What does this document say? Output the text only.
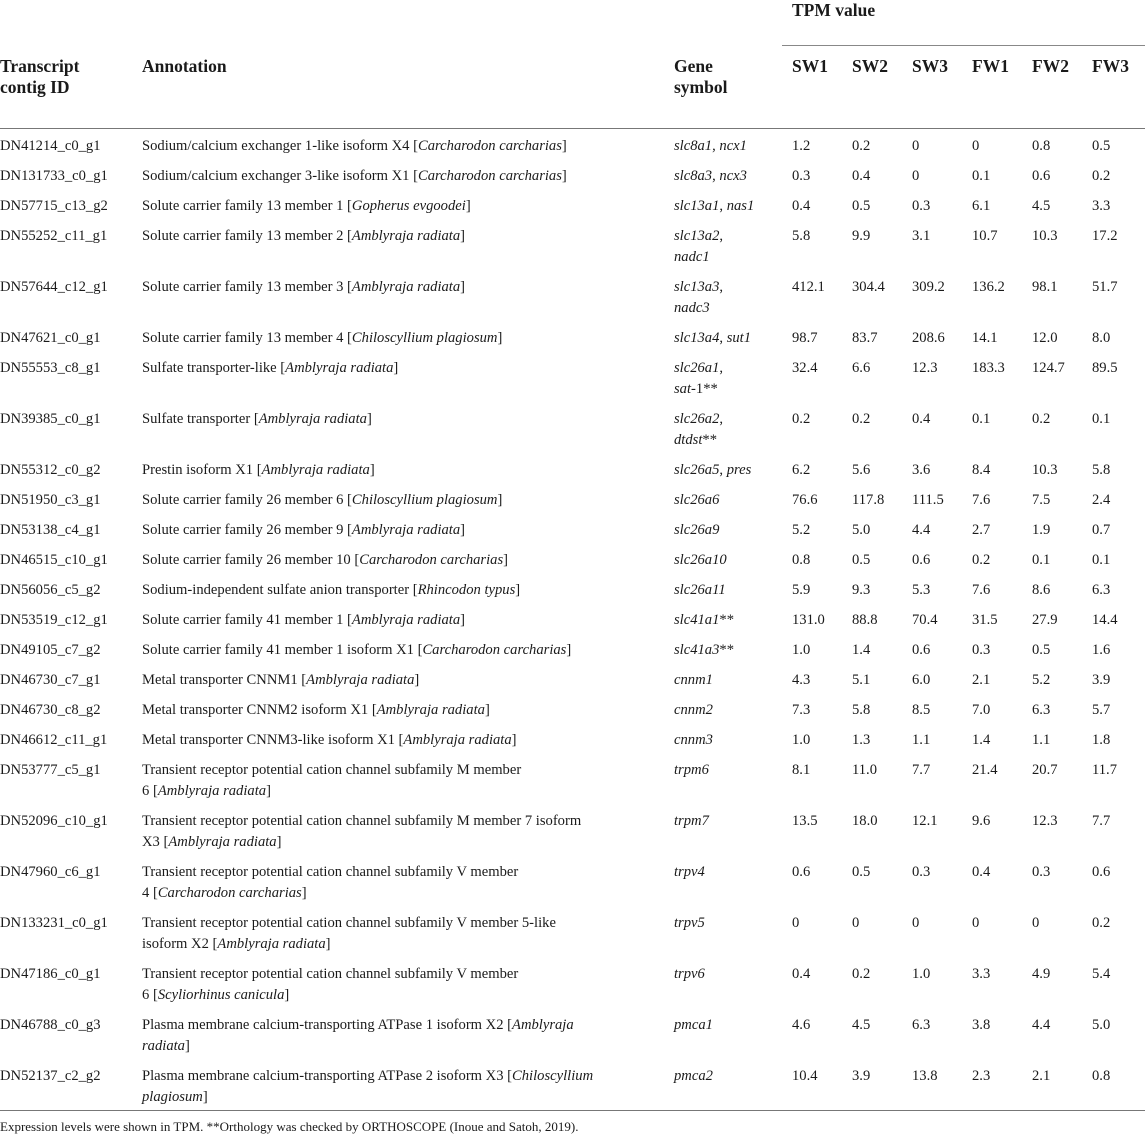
			TPM value					
Transcript
contig ID	Annotation	Gene
symbol	SW1	SW2	SW3	FW1	FW2	FW3
DN41214_c0_g1	Sodium/calcium exchanger 1-like isoform X4 [Carcharodon carcharias]	slc8a1, ncx1	1.2	0.2	0	0	0.8	0.5
DN131733_c0_g1	Sodium/calcium exchanger 3-like isoform X1 [Carcharodon carcharias]	slc8a3, ncx3	0.3	0.4	0	0.1	0.6	0.2
DN57715_c13_g2	Solute carrier family 13 member 1 [Gopherus evgoodei]	slc13a1, nas1	0.4	0.5	0.3	6.1	4.5	3.3
DN55252_c11_g1	Solute carrier family 13 member 2 [Amblyraja radiata]	slc13a2,
nadc1	5.8	9.9	3.1	10.7	10.3	17.2
DN57644_c12_g1	Solute carrier family 13 member 3 [Amblyraja radiata]	slc13a3,
nadc3	412.1	304.4	309.2	136.2	98.1	51.7
DN47621_c0_g1	Solute carrier family 13 member 4 [Chiloscyllium plagiosum]	slc13a4, sut1	98.7	83.7	208.6	14.1	12.0	8.0
DN55553_c8_g1	Sulfate transporter-like [Amblyraja radiata]	slc26a1,
sat-1**	32.4	6.6	12.3	183.3	124.7	89.5
DN39385_c0_g1	Sulfate transporter [Amblyraja radiata]	slc26a2,
dtdst**	0.2	0.2	0.4	0.1	0.2	0.1
DN55312_c0_g2	Prestin isoform X1 [Amblyraja radiata]	slc26a5, pres	6.2	5.6	3.6	8.4	10.3	5.8
DN51950_c3_g1	Solute carrier family 26 member 6 [Chiloscyllium plagiosum]	slc26a6	76.6	117.8	111.5	7.6	7.5	2.4
DN53138_c4_g1	Solute carrier family 26 member 9 [Amblyraja radiata]	slc26a9	5.2	5.0	4.4	2.7	1.9	0.7
DN46515_c10_g1	Solute carrier family 26 member 10 [Carcharodon carcharias]	slc26a10	0.8	0.5	0.6	0.2	0.1	0.1
DN56056_c5_g2	Sodium-independent sulfate anion transporter [Rhincodon typus]	slc26a11	5.9	9.3	5.3	7.6	8.6	6.3
DN53519_c12_g1	Solute carrier family 41 member 1 [Amblyraja radiata]	slc41a1**	131.0	88.8	70.4	31.5	27.9	14.4
DN49105_c7_g2	Solute carrier family 41 member 1 isoform X1 [Carcharodon carcharias]	slc41a3**	1.0	1.4	0.6	0.3	0.5	1.6
DN46730_c7_g1	Metal transporter CNNM1 [Amblyraja radiata]	cnnm1	4.3	5.1	6.0	2.1	5.2	3.9
DN46730_c8_g2	Metal transporter CNNM2 isoform X1 [Amblyraja radiata]	cnnm2	7.3	5.8	8.5	7.0	6.3	5.7
DN46612_c11_g1	Metal transporter CNNM3-like isoform X1 [Amblyraja radiata]	cnnm3	1.0	1.3	1.1	1.4	1.1	1.8
DN53777_c5_g1	Transient receptor potential cation channel subfamily M member
6 [Amblyraja radiata]	trpm6	8.1	11.0	7.7	21.4	20.7	11.7
DN52096_c10_g1	Transient receptor potential cation channel subfamily M member 7 isoform
X3 [Amblyraja radiata]	trpm7	13.5	18.0	12.1	9.6	12.3	7.7
DN47960_c6_g1	Transient receptor potential cation channel subfamily V member
4 [Carcharodon carcharias]	trpv4	0.6	0.5	0.3	0.4	0.3	0.6
DN133231_c0_g1	Transient receptor potential cation channel subfamily V member 5-like
isoform X2 [Amblyraja radiata]	trpv5	0	0	0	0	0	0.2
DN47186_c0_g1	Transient receptor potential cation channel subfamily V member
6 [Scyliorhinus canicula]	trpv6	0.4	0.2	1.0	3.3	4.9	5.4
DN46788_c0_g3	Plasma membrane calcium-transporting ATPase 1 isoform X2 [Amblyraja
radiata]	pmca1	4.6	4.5	6.3	3.8	4.4	5.0
DN52137_c2_g2	Plasma membrane calcium-transporting ATPase 2 isoform X3 [Chiloscyllium
plagiosum]	pmca2	10.4	3.9	13.8	2.3	2.1	0.8
Expression levels were shown in TPM. **Orthology was checked by ORTHOSCOPE (Inoue and Satoh, 2019).
